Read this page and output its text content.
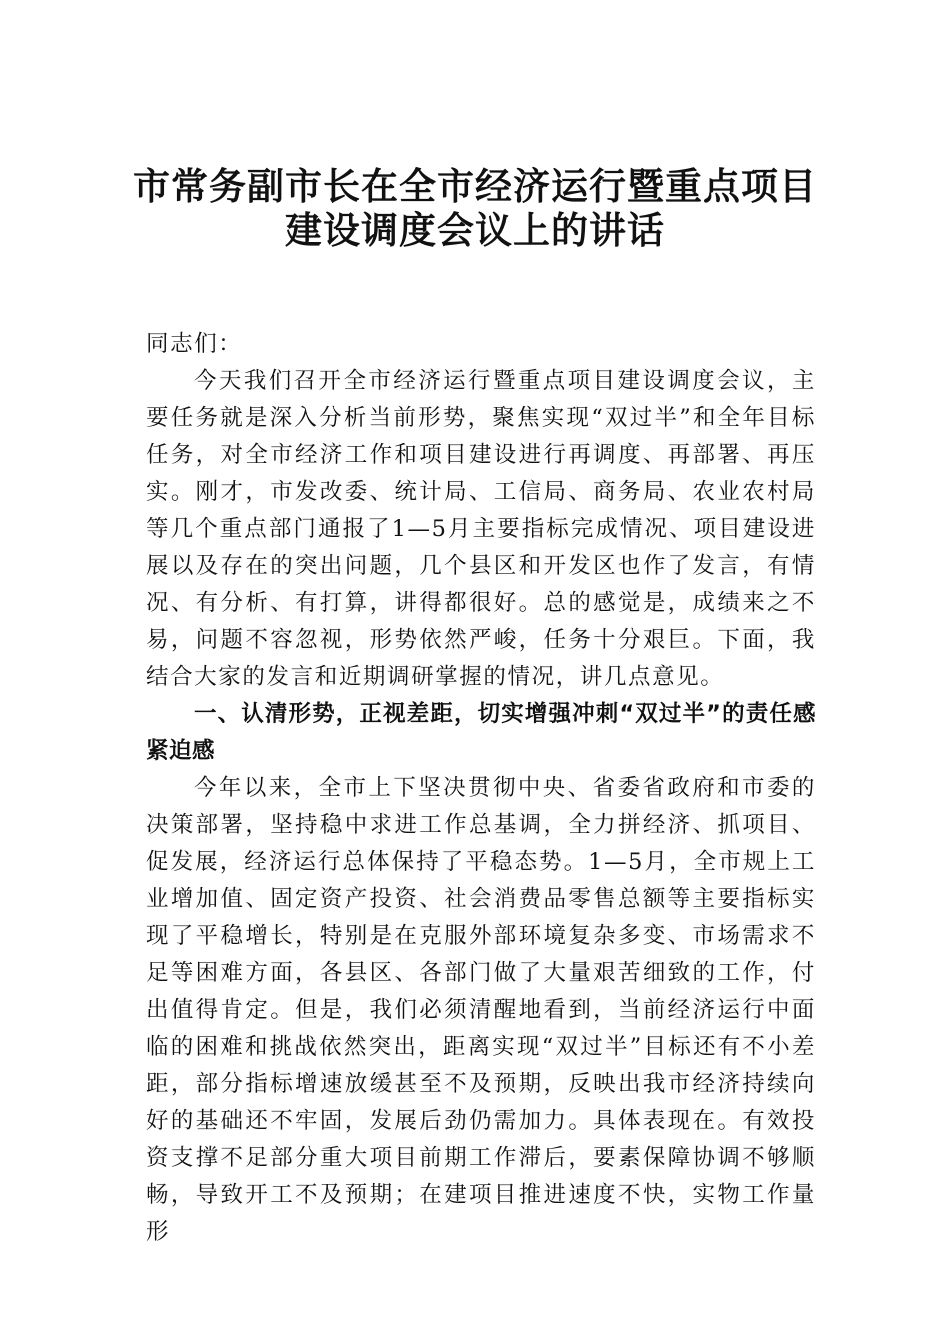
市常务副市长在全市经济运行暨重点项目
建设调度会议上的讲话

同志们：

今天我们召开全市经济运行暨重点项目建设调度会议，主要任务就是深入分析当前形势，聚焦实现“双过半”和全年目标任务，对全市经济工作和项目建设进行再调度、再部署、再压实。刚才，市发改委、统计局、工信局、商务局、农业农村局等几个重点部门通报了1—5月主要指标完成情况、项目建设进展以及存在的突出问题，几个县区和开发区也作了发言，有情况、有分析、有打算，讲得都很好。总的感觉是，成绩来之不易，问题不容忽视，形势依然严峻，任务十分艰巨。下面，我结合大家的发言和近期调研掌握的情况，讲几点意见。

一、认清形势，正视差距，切实增强冲刺“双过半”的责任感紧迫感

今年以来，全市上下坚决贯彻中央、省委省政府和市委的决策部署，坚持稳中求进工作总基调，全力拼经济、抓项目、促发展，经济运行总体保持了平稳态势。1—5月，全市规上工业增加值、固定资产投资、社会消费品零售总额等主要指标实现了平稳增长，特别是在克服外部环境复杂多变、市场需求不足等困难方面，各县区、各部门做了大量艰苦细致的工作，付出值得肯定。但是，我们必须清醒地看到，当前经济运行中面临的困难和挑战依然突出，距离实现“双过半”目标还有不小差距，部分指标增速放缓甚至不及预期，反映出我市经济持续向好的基础还不牢固，发展后劲仍需加力。具体表现在。有效投资支撑不足部分重大项目前期工作滞后，要素保障协调不够顺畅，导致开工不及预期；在建项目推进速度不快，实物工作量形
